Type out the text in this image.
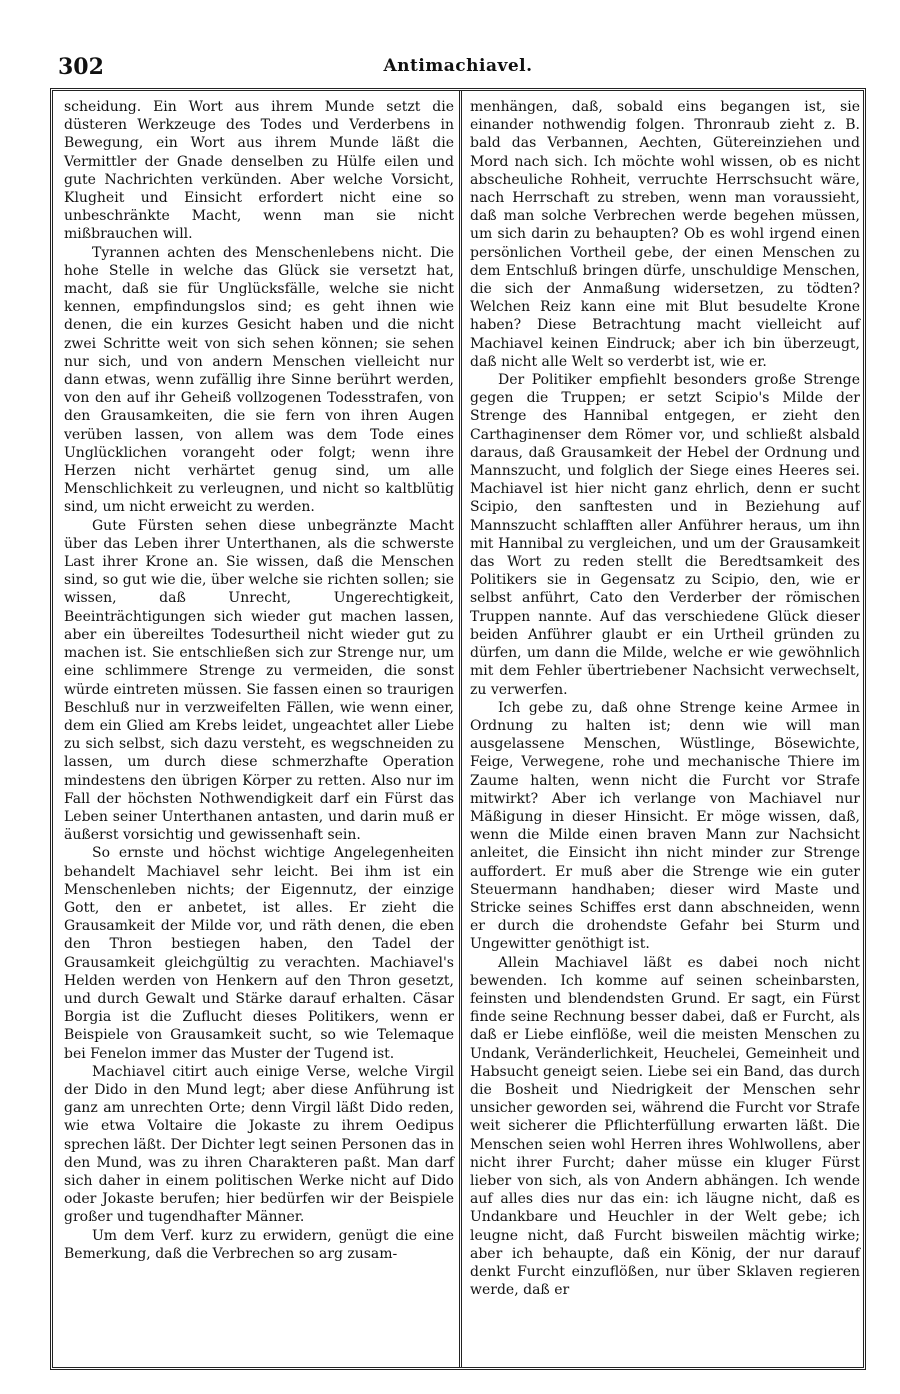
302	Antimachiavel.

scheidung. Ein Wort aus ihrem Munde setzt die düsteren Werkzeuge des Todes und Verderbens in Bewegung, ein Wort aus ihrem Munde läßt die Vermittler der Gnade denselben zu Hülfe eilen und gute Nachrichten verkünden. Aber welche Vorsicht, Klugheit und Einsicht erfordert nicht eine so unbeschränkte Macht, wenn man sie nicht mißbrauchen will.

Tyrannen achten des Menschenlebens nicht. Die hohe Stelle in welche das Glück sie versetzt hat, macht, daß sie für Unglücksfälle, welche sie nicht kennen, empfindungslos sind; es geht ihnen wie denen, die ein kurzes Gesicht haben und die nicht zwei Schritte weit von sich sehen können; sie sehen nur sich, und von andern Menschen vielleicht nur dann etwas, wenn zufällig ihre Sinne berührt werden, von den auf ihr Geheiß vollzogenen Todesstrafen, von den Grausamkeiten, die sie fern von ihren Augen verüben lassen, von allem was dem Tode eines Unglücklichen vorangeht oder folgt; wenn ihre Herzen nicht verhärtet genug sind, um alle Menschlichkeit zu verleugnen, und nicht so kaltblütig sind, um nicht erweicht zu werden.

Gute Fürsten sehen diese unbegränzte Macht über das Leben ihrer Unterthanen, als die schwerste Last ihrer Krone an. Sie wissen, daß die Menschen sind, so gut wie die, über welche sie richten sollen; sie wissen, daß Unrecht, Ungerechtigkeit, Beeinträchtigungen sich wieder gut machen lassen, aber ein übereiltes Todesurtheil nicht wieder gut zu machen ist. Sie entschließen sich zur Strenge nur, um eine schlimmere Strenge zu vermeiden, die sonst würde eintreten müssen. Sie fassen einen so traurigen Beschluß nur in verzweifelten Fällen, wie wenn einer, dem ein Glied am Krebs leidet, ungeachtet aller Liebe zu sich selbst, sich dazu versteht, es wegschneiden zu lassen, um durch diese schmerzhafte Operation mindestens den übrigen Körper zu retten. Also nur im Fall der höchsten Nothwendigkeit darf ein Fürst das Leben seiner Unterthanen antasten, und darin muß er äußerst vorsichtig und gewissenhaft sein.

So ernste und höchst wichtige Angelegenheiten behandelt Machiavel sehr leicht. Bei ihm ist ein Menschenleben nichts; der Eigennutz, der einzige Gott, den er anbetet, ist alles. Er zieht die Grausamkeit der Milde vor, und räth denen, die eben den Thron bestiegen haben, den Tadel der Grausamkeit gleichgültig zu verachten. Machiavel's Helden werden von Henkern auf den Thron gesetzt, und durch Gewalt und Stärke darauf erhalten. Cäsar Borgia ist die Zuflucht dieses Politikers, wenn er Beispiele von Grausamkeit sucht, so wie Telemaque bei Fenelon immer das Muster der Tugend ist.

Machiavel citirt auch einige Verse, welche Virgil der Dido in den Mund legt; aber diese Anführung ist ganz am unrechten Orte; denn Virgil läßt Dido reden, wie etwa Voltaire die Jokaste zu ihrem Oedipus sprechen läßt. Der Dichter legt seinen Personen das in den Mund, was zu ihren Charakteren paßt. Man darf sich daher in einem politischen Werke nicht auf Dido oder Jokaste berufen; hier bedürfen wir der Beispiele großer und tugendhafter Männer.

Um dem Verf. kurz zu erwidern, genügt die eine Bemerkung, daß die Verbrechen so arg zusam-

menhängen, daß, sobald eins begangen ist, sie einander nothwendig folgen. Thronraub zieht z. B. bald das Verbannen, Aechten, Gütereinziehen und Mord nach sich. Ich möchte wohl wissen, ob es nicht abscheuliche Rohheit, verruchte Herrschsucht wäre, nach Herrschaft zu streben, wenn man voraussieht, daß man solche Verbrechen werde begehen müssen, um sich darin zu behaupten? Ob es wohl irgend einen persönlichen Vortheil gebe, der einen Menschen zu dem Entschluß bringen dürfe, unschuldige Menschen, die sich der Anmaßung widersetzen, zu tödten? Welchen Reiz kann eine mit Blut besudelte Krone haben? Diese Betrachtung macht vielleicht auf Machiavel keinen Eindruck; aber ich bin überzeugt, daß nicht alle Welt so verderbt ist, wie er.

Der Politiker empfiehlt besonders große Strenge gegen die Truppen; er setzt Scipio's Milde der Strenge des Hannibal entgegen, er zieht den Carthaginenser dem Römer vor, und schließt alsbald daraus, daß Grausamkeit der Hebel der Ordnung und Mannszucht, und folglich der Siege eines Heeres sei. Machiavel ist hier nicht ganz ehrlich, denn er sucht Scipio, den sanftesten und in Beziehung auf Mannszucht schlafften aller Anführer heraus, um ihn mit Hannibal zu vergleichen, und um der Grausamkeit das Wort zu reden stellt die Beredtsamkeit des Politikers sie in Gegensatz zu Scipio, den, wie er selbst anführt, Cato den Verderber der römischen Truppen nannte. Auf das verschiedene Glück dieser beiden Anführer glaubt er ein Urtheil gründen zu dürfen, um dann die Milde, welche er wie gewöhnlich mit dem Fehler übertriebener Nachsicht verwechselt, zu verwerfen.

Ich gebe zu, daß ohne Strenge keine Armee in Ordnung zu halten ist; denn wie will man ausgelassene Menschen, Wüstlinge, Bösewichte, Feige, Verwegene, rohe und mechanische Thiere im Zaume halten, wenn nicht die Furcht vor Strafe mitwirkt? Aber ich verlange von Machiavel nur Mäßigung in dieser Hinsicht. Er möge wissen, daß, wenn die Milde einen braven Mann zur Nachsicht anleitet, die Einsicht ihn nicht minder zur Strenge auffordert. Er muß aber die Strenge wie ein guter Steuermann handhaben; dieser wird Maste und Stricke seines Schiffes erst dann abschneiden, wenn er durch die drohendste Gefahr bei Sturm und Ungewitter genöthigt ist.

Allein Machiavel läßt es dabei noch nicht bewenden. Ich komme auf seinen scheinbarsten, feinsten und blendendsten Grund. Er sagt, ein Fürst finde seine Rechnung besser dabei, daß er Furcht, als daß er Liebe einflöße, weil die meisten Menschen zu Undank, Veränderlichkeit, Heuchelei, Gemeinheit und Habsucht geneigt seien. Liebe sei ein Band, das durch die Bosheit und Niedrigkeit der Menschen sehr unsicher geworden sei, während die Furcht vor Strafe weit sicherer die Pflichterfüllung erwarten läßt. Die Menschen seien wohl Herren ihres Wohlwollens, aber nicht ihrer Furcht; daher müsse ein kluger Fürst lieber von sich, als von Andern abhängen. Ich wende auf alles dies nur das ein: ich läugne nicht, daß es Undankbare und Heuchler in der Welt gebe; ich leugne nicht, daß Furcht bisweilen mächtig wirke; aber ich behaupte, daß ein König, der nur darauf denkt Furcht einzuflößen, nur über Sklaven regieren werde, daß er
